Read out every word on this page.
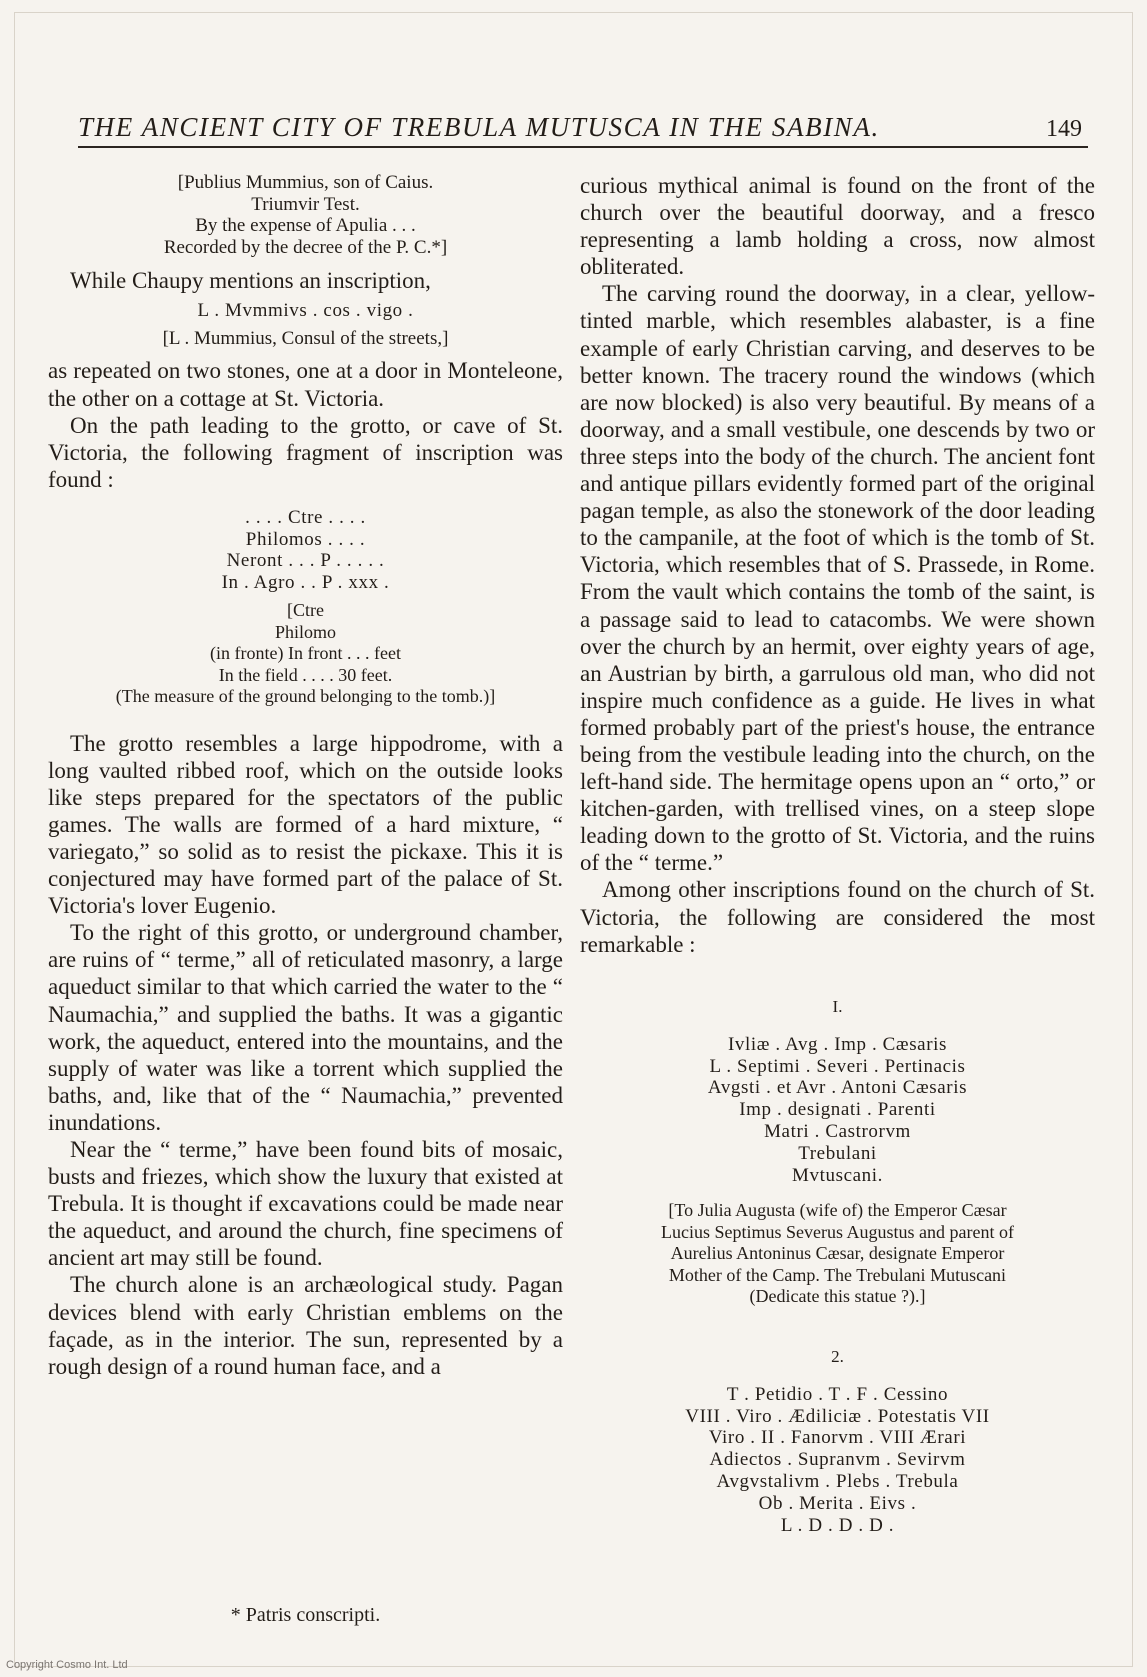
THE ANCIENT CITY OF TREBULA MUTUSCA IN THE SABINA.	149

[Publius Mummius, son of Caius.

Triumvir Test.

By the expense of Apulia . . .

Recorded by the decree of the P. C.*]

While Chaupy mentions an inscription,

L . Mvmmivs . cos . vigo .

[L . Mummius, Consul of the streets,]

as repeated on two stones, one at a door in Monteleone, the other on a cottage at St. Victoria.

On the path leading to the grotto, or cave of St. Victoria, the following fragment of inscription was found :

. . . . Ctre . . . .

Philomos . . . .

Neront . . . P . . . . .

In . Agro . . P . xxx .

[Ctre

Philomo

(in fronte) In front . . . feet

In the field . . . . 30 feet.

(The measure of the ground belonging to the tomb.)]

The grotto resembles a large hippodrome, with a long vaulted ribbed roof, which on the outside looks like steps prepared for the spectators of the public games. The walls are formed of a hard mixture, “ variegato,” so solid as to resist the pickaxe. This it is conjectured may have formed part of the palace of St. Victoria's lover Eugenio.

To the right of this grotto, or underground chamber, are ruins of “ terme,” all of reticulated masonry, a large aqueduct similar to that which carried the water to the “ Naumachia,” and supplied the baths. It was a gigantic work, the aqueduct, entered into the mountains, and the supply of water was like a torrent which supplied the baths, and, like that of the “ Naumachia,” prevented inundations.

Near the “ terme,” have been found bits of mosaic, busts and friezes, which show the luxury that existed at Trebula. It is thought if excavations could be made near the aqueduct, and around the church, fine specimens of ancient art may still be found.

The church alone is an archæological study. Pagan devices blend with early Christian emblems on the façade, as in the interior. The sun, represented by a rough design of a round human face, and a

curious mythical animal is found on the front of the church over the beautiful doorway, and a fresco representing a lamb holding a cross, now almost obliterated.

The carving round the doorway, in a clear, yellow-tinted marble, which resembles alabaster, is a fine example of early Christian carving, and deserves to be better known. The tracery round the windows (which are now blocked) is also very beautiful. By means of a doorway, and a small vestibule, one descends by two or three steps into the body of the church. The ancient font and antique pillars evidently formed part of the original pagan temple, as also the stonework of the door leading to the campanile, at the foot of which is the tomb of St. Victoria, which resembles that of S. Prassede, in Rome. From the vault which contains the tomb of the saint, is a passage said to lead to catacombs. We were shown over the church by an hermit, over eighty years of age, an Austrian by birth, a garrulous old man, who did not inspire much confidence as a guide. He lives in what formed probably part of the priest's house, the entrance being from the vestibule leading into the church, on the left-hand side. The hermitage opens upon an “ orto,” or kitchen-garden, with trellised vines, on a steep slope leading down to the grotto of St. Victoria, and the ruins of the “ terme.”

Among other inscriptions found on the church of St. Victoria, the following are considered the most remarkable :

I.

Ivliæ . Avg . Imp . Cæsaris

L . Septimi . Severi . Pertinacis

Avgsti . et Avr . Antoni Cæsaris

Imp . designati . Parenti

Matri . Castrorvm

Trebulani

Mvtuscani.

[To Julia Augusta (wife of) the Emperor Cæsar

Lucius Septimus Severus Augustus and parent of

Aurelius Antoninus Cæsar, designate Emperor

Mother of the Camp. The Trebulani Mutuscani

(Dedicate this statue ?).]

2.

T . Petidio . T . F . Cessino

VIII . Viro . Ædiliciæ . Potestatis VII

Viro . II . Fanorvm . VIII Ærari

Adiectos . Supranvm . Sevirvm

Avgvstalivm . Plebs . Trebula

Ob . Merita . Eivs .

L . D . D . D .

* Patris conscripti.
Copyright Cosmo Int. Ltd
